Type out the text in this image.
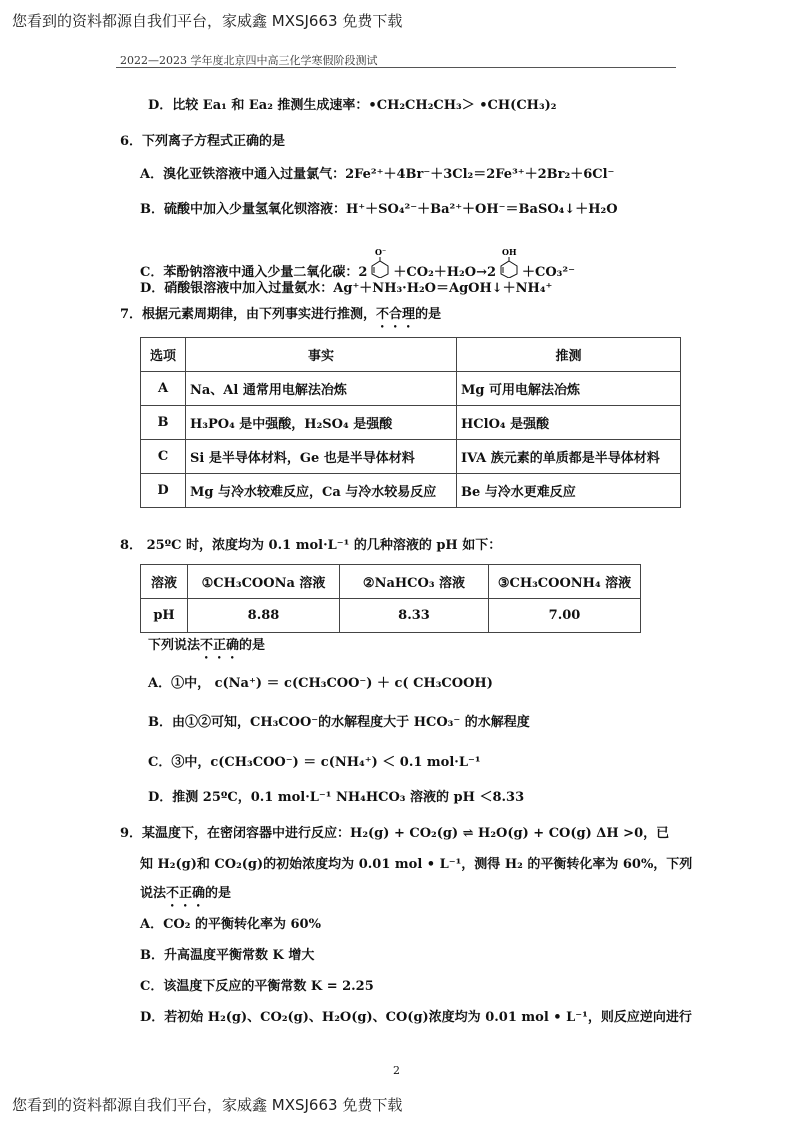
您看到的资料都源自我们平台，家威鑫 MXSJ663 免费下载
2022—2023 学年度北京四中高三化学寒假阶段测试
D．比较 Ea₁ 和 Ea₂ 推测生成速率：•CH₂CH₂CH₃＞ •CH(CH₃)₂
6．下列离子方程式正确的是
A．溴化亚铁溶液中通入过量氯气：2Fe²⁺＋4Br⁻＋3Cl₂＝2Fe³⁺＋2Br₂＋6Cl⁻
B．硫酸中加入少量氢氧化钡溶液：H⁺＋SO₄²⁻＋Ba²⁺＋OH⁻＝BaSO₄↓＋H₂O
C．苯酚钠溶液中通入少量二氧化碳：2
O⁻
＋CO₂＋H₂O→2
OH
＋CO₃²⁻
D．硝酸银溶液中加入过量氨水：Ag⁺＋NH₃·H₂O＝AgOH↓＋NH₄⁺
7．根据元素周期律，由下列事实进行推测，不合理的是
选项	事实	推测
A	Na、Al 通常用电解法冶炼	Mg 可用电解法冶炼
B	H₃PO₄ 是中强酸，H₂SO₄ 是强酸	HClO₄ 是强酸
C	Si 是半导体材料，Ge 也是半导体材料	IVA 族元素的单质都是半导体材料
D	Mg 与冷水较难反应，Ca 与冷水较易反应	Be 与冷水更难反应
8． 25ºC 时，浓度均为 0.1 mol·L⁻¹ 的几种溶液的 pH 如下：
溶液	①CH₃COONa 溶液	②NaHCO₃ 溶液	③CH₃COONH₄ 溶液
pH	8.88	8.33	7.00
下列说法不正确的是
A．①中， c(Na⁺) ＝ c(CH₃COO⁻) ＋ c( CH₃COOH)
B．由①②可知，CH₃COO⁻的水解程度大于 HCO₃⁻ 的水解程度
C．③中，c(CH₃COO⁻) ＝ c(NH₄⁺) ＜ 0.1 mol·L⁻¹
D．推测 25ºC，0.1 mol·L⁻¹ NH₄HCO₃ 溶液的 pH ＜8.33
9．某温度下，在密闭容器中进行反应：H₂(g) + CO₂(g) ⇌ H₂O(g) + CO(g) ΔH >0，已
知 H₂(g)和 CO₂(g)的初始浓度均为 0.01 mol • L⁻¹，测得 H₂ 的平衡转化率为 60%，下列
说法不正确的是
A．CO₂ 的平衡转化率为 60%
B．升高温度平衡常数 K 增大
C．该温度下反应的平衡常数 K = 2.25
D．若初始 H₂(g)、CO₂(g)、H₂O(g)、CO(g)浓度均为 0.01 mol • L⁻¹，则反应逆向进行
2
您看到的资料都源自我们平台，家威鑫 MXSJ663 免费下载
